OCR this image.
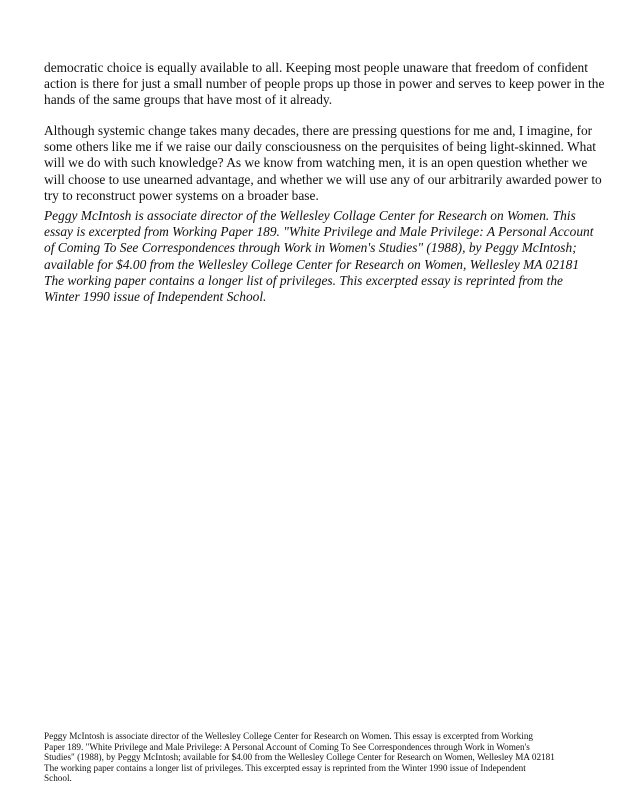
democratic choice is equally available to all. Keeping most people unaware that freedom of confident
action is there for just a small number of people props up those in power and serves to keep power in the
hands of the same groups that have most of it already.

Although systemic change takes many decades, there are pressing questions for me and, I imagine, for
some others like me if we raise our daily consciousness on the perquisites of being light-skinned. What
will we do with such knowledge? As we know from watching men, it is an open question whether we
will choose to use unearned advantage, and whether we will use any of our arbitrarily awarded power to
try to reconstruct power systems on a broader base.

Peggy McIntosh is associate director of the Wellesley Collage Center for Research on Women. This
essay is excerpted from Working Paper 189. "White Privilege and Male Privilege: A Personal Account
of Coming To See Correspondences through Work in Women's Studies" (1988), by Peggy McIntosh;
available for $4.00 from the Wellesley College Center for Research on Women, Wellesley MA 02181
The working paper contains a longer list of privileges. This excerpted essay is reprinted from the
Winter 1990 issue of Independent School.

Peggy McIntosh is associate director of the Wellesley College Center for Research on Women. This essay is excerpted from Working
Paper 189. "White Privilege and Male Privilege: A Personal Account of Coming To See Correspondences through Work in Women's
Studies" (1988), by Peggy McIntosh; available for $4.00 from the Wellesley College Center for Research on Women, Wellesley MA 02181
The working paper contains a longer list of privileges. This excerpted essay is reprinted from the Winter 1990 issue of Independent
School.
